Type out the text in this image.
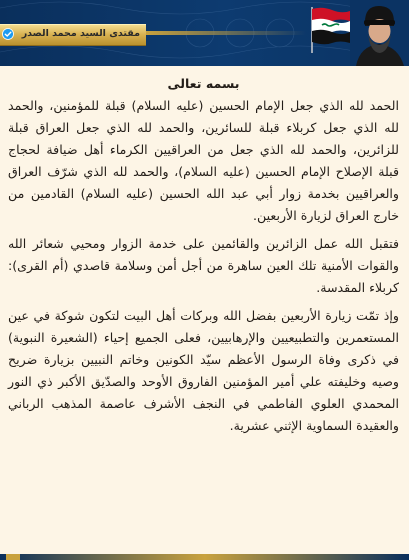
مقتدى السيد محمد الصدر

بسمه تعالى

الحمد لله الذي جعل الإمام الحسين (عليه السلام) قبلة للمؤمنين، والحمد لله الذي جعل كربلاء قبلة للسائرين، والحمد لله الذي جعل العراق قبلة للزائرين، والحمد لله الذي جعل من العراقيين الكرماء أهل ضيافة لحجاج قبلة الإصلاح الإمام الحسين (عليه السلام)، والحمد لله الذي شرّف العراق والعراقيين بخدمة زوار أبي عبد الله الحسين (عليه السلام) القادمين من خارج العراق لزيارة الأربعين.

فتقبل الله عمل الزائرين والقائمين على خدمة الزوار ومحيي شعائر الله والقوات الأمنية تلك العين ساهرة من أجل أمن وسلامة قاصدي (أم القرى): كربلاء المقدسة.

وإذ تمّت زيارة الأربعين بفضل الله وبركات أهل البيت لتكون شوكة في عين المستعمرين والتطبيعيين والإرهابيين، فعلى الجميع إحياء (الشعيرة النبوية) في ذكرى وفاة الرسول الأعظم سيّد الكونين وخاتم النبيين بزيارة ضريح وصيه وخليفته علي أمير المؤمنين الفاروق الأوحد والصدّيق الأكبر ذي النور المحمدي العلوي الفاطمي في النجف الأشرف عاصمة المذهب الرباني والعقيدة السماوية الإثني عشرية.
